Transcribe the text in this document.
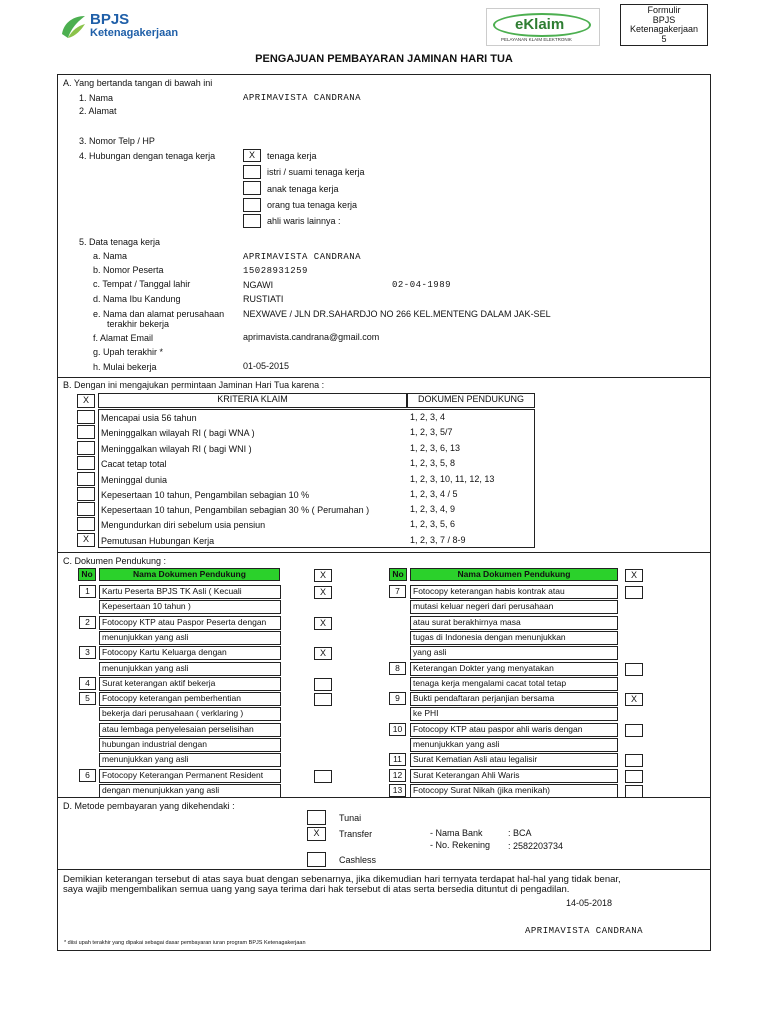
BPJS
Ketenagakerjaan	eKlaim
PELAYANAN KLAIM ELEKTRONIK
Formulir
BPJS
Ketenagakerjaan
5
PENGAJUAN PEMBAYARAN JAMINAN HARI TUA
A. Yang bertanda tangan di bawah ini
1. Nama	APRIMAVISTA CANDRANA
2. Alamat
3. Nomor Telp / HP
4. Hubungan dengan tenaga kerja	X	tenaga kerja
istri / suami tenaga kerja
anak tenaga kerja
orang tua tenaga kerja
ahli waris lainnya :
5. Data tenaga kerja
a. Nama	APRIMAVISTA CANDRANA
b. Nomor Peserta	15028931259
c. Tempat / Tanggal lahir	NGAWI	02-04-1989
d. Nama Ibu Kandung	RUSTIATI
e. Nama dan alamat perusahaan
terakhir bekerja
NEXWAVE / JLN DR.SAHARDJO NO 266 KEL.MENTENG DALAM JAK-SEL
f. Alamat Email	aprimavista.candrana@gmail.com
g. Upah terakhir *
h. Mulai bekerja	01-05-2015
B. Dengan ini mengajukan permintaan Jaminan Hari Tua karena :
X	KRITERIA KLAIM	DOKUMEN PENDUKUNG
Mencapai usia 56 tahun	1, 2, 3, 4
Meninggalkan wilayah RI ( bagi WNA )	1, 2, 3, 5/7
Meninggalkan wilayah RI ( bagi WNI )	1, 2, 3, 6, 13
Cacat tetap total	1, 2, 3, 5, 8
Meninggal dunia	1, 2, 3, 10, 11, 12, 13
Kepesertaan 10 tahun, Pengambilan sebagian 10 %	1, 2, 3, 4 / 5
Kepesertaan 10 tahun, Pengambilan sebagian 30 % ( Perumahan )	1, 2, 3, 4, 9
Mengundurkan diri sebelum usia pensiun	1, 2, 3, 5, 6
X	Pemutusan Hubungan Kerja	1, 2, 3, 7 / 8-9
C. Dokumen Pendukung :
No	Nama Dokumen Pendukung	X	No	Nama Dokumen Pendukung	X
1	X
Kartu Peserta BPJS TK Asli ( Kecuali
Kepesertaan 10 tahun )
2	X
Fotocopy KTP atau Paspor Peserta dengan
menunjukkan yang asli
3	X
Fotocopy Kartu Keluarga dengan
menunjukkan yang asli
4	Surat keterangan aktif bekerja
5	Fotocopy keterangan pemberhentian
bekerja dari perusahaan ( verklaring )
atau lembaga penyelesaian perselisihan
hubungan industrial dengan
menunjukkan yang asli
6	Fotocopy Keterangan Permanent Resident
dengan menunjukkan yang asli
7	Fotocopy keterangan habis kontrak atau
mutasi keluar negeri dari perusahaan
atau surat berakhirnya masa
tugas di Indonesia dengan menunjukkan
yang asli
8	Keterangan Dokter yang menyatakan
tenaga kerja mengalami cacat total tetap
9	X
Bukti pendaftaran perjanjian bersama
ke PHI
10	Fotocopy KTP atau paspor ahli waris dengan
menunjukkan yang asli
11	Surat Kematian Asli atau legalisir
12	Surat Keterangan Ahli Waris
13	Fotocopy Surat Nikah (jika menikah)
D. Metode pembayaran yang dikehendaki :
Tunai
X	Transfer
Cashless
- Nama Bank	: BCA
- No. Rekening : 2582203734
Demikian keterangan tersebut di atas saya buat dengan sebenarnya, jika dikemudian hari ternyata terdapat hal-hal yang tidak benar,
saya wajib mengembalikan semua uang yang saya terima dari hak tersebut di atas serta bersedia dituntut di pengadilan.
14-05-2018
APRIMAVISTA CANDRANA
* diisi upah terakhir yang dipakai sebagai dasar pembayaran iuran program BPJS Ketenagakerjaan
